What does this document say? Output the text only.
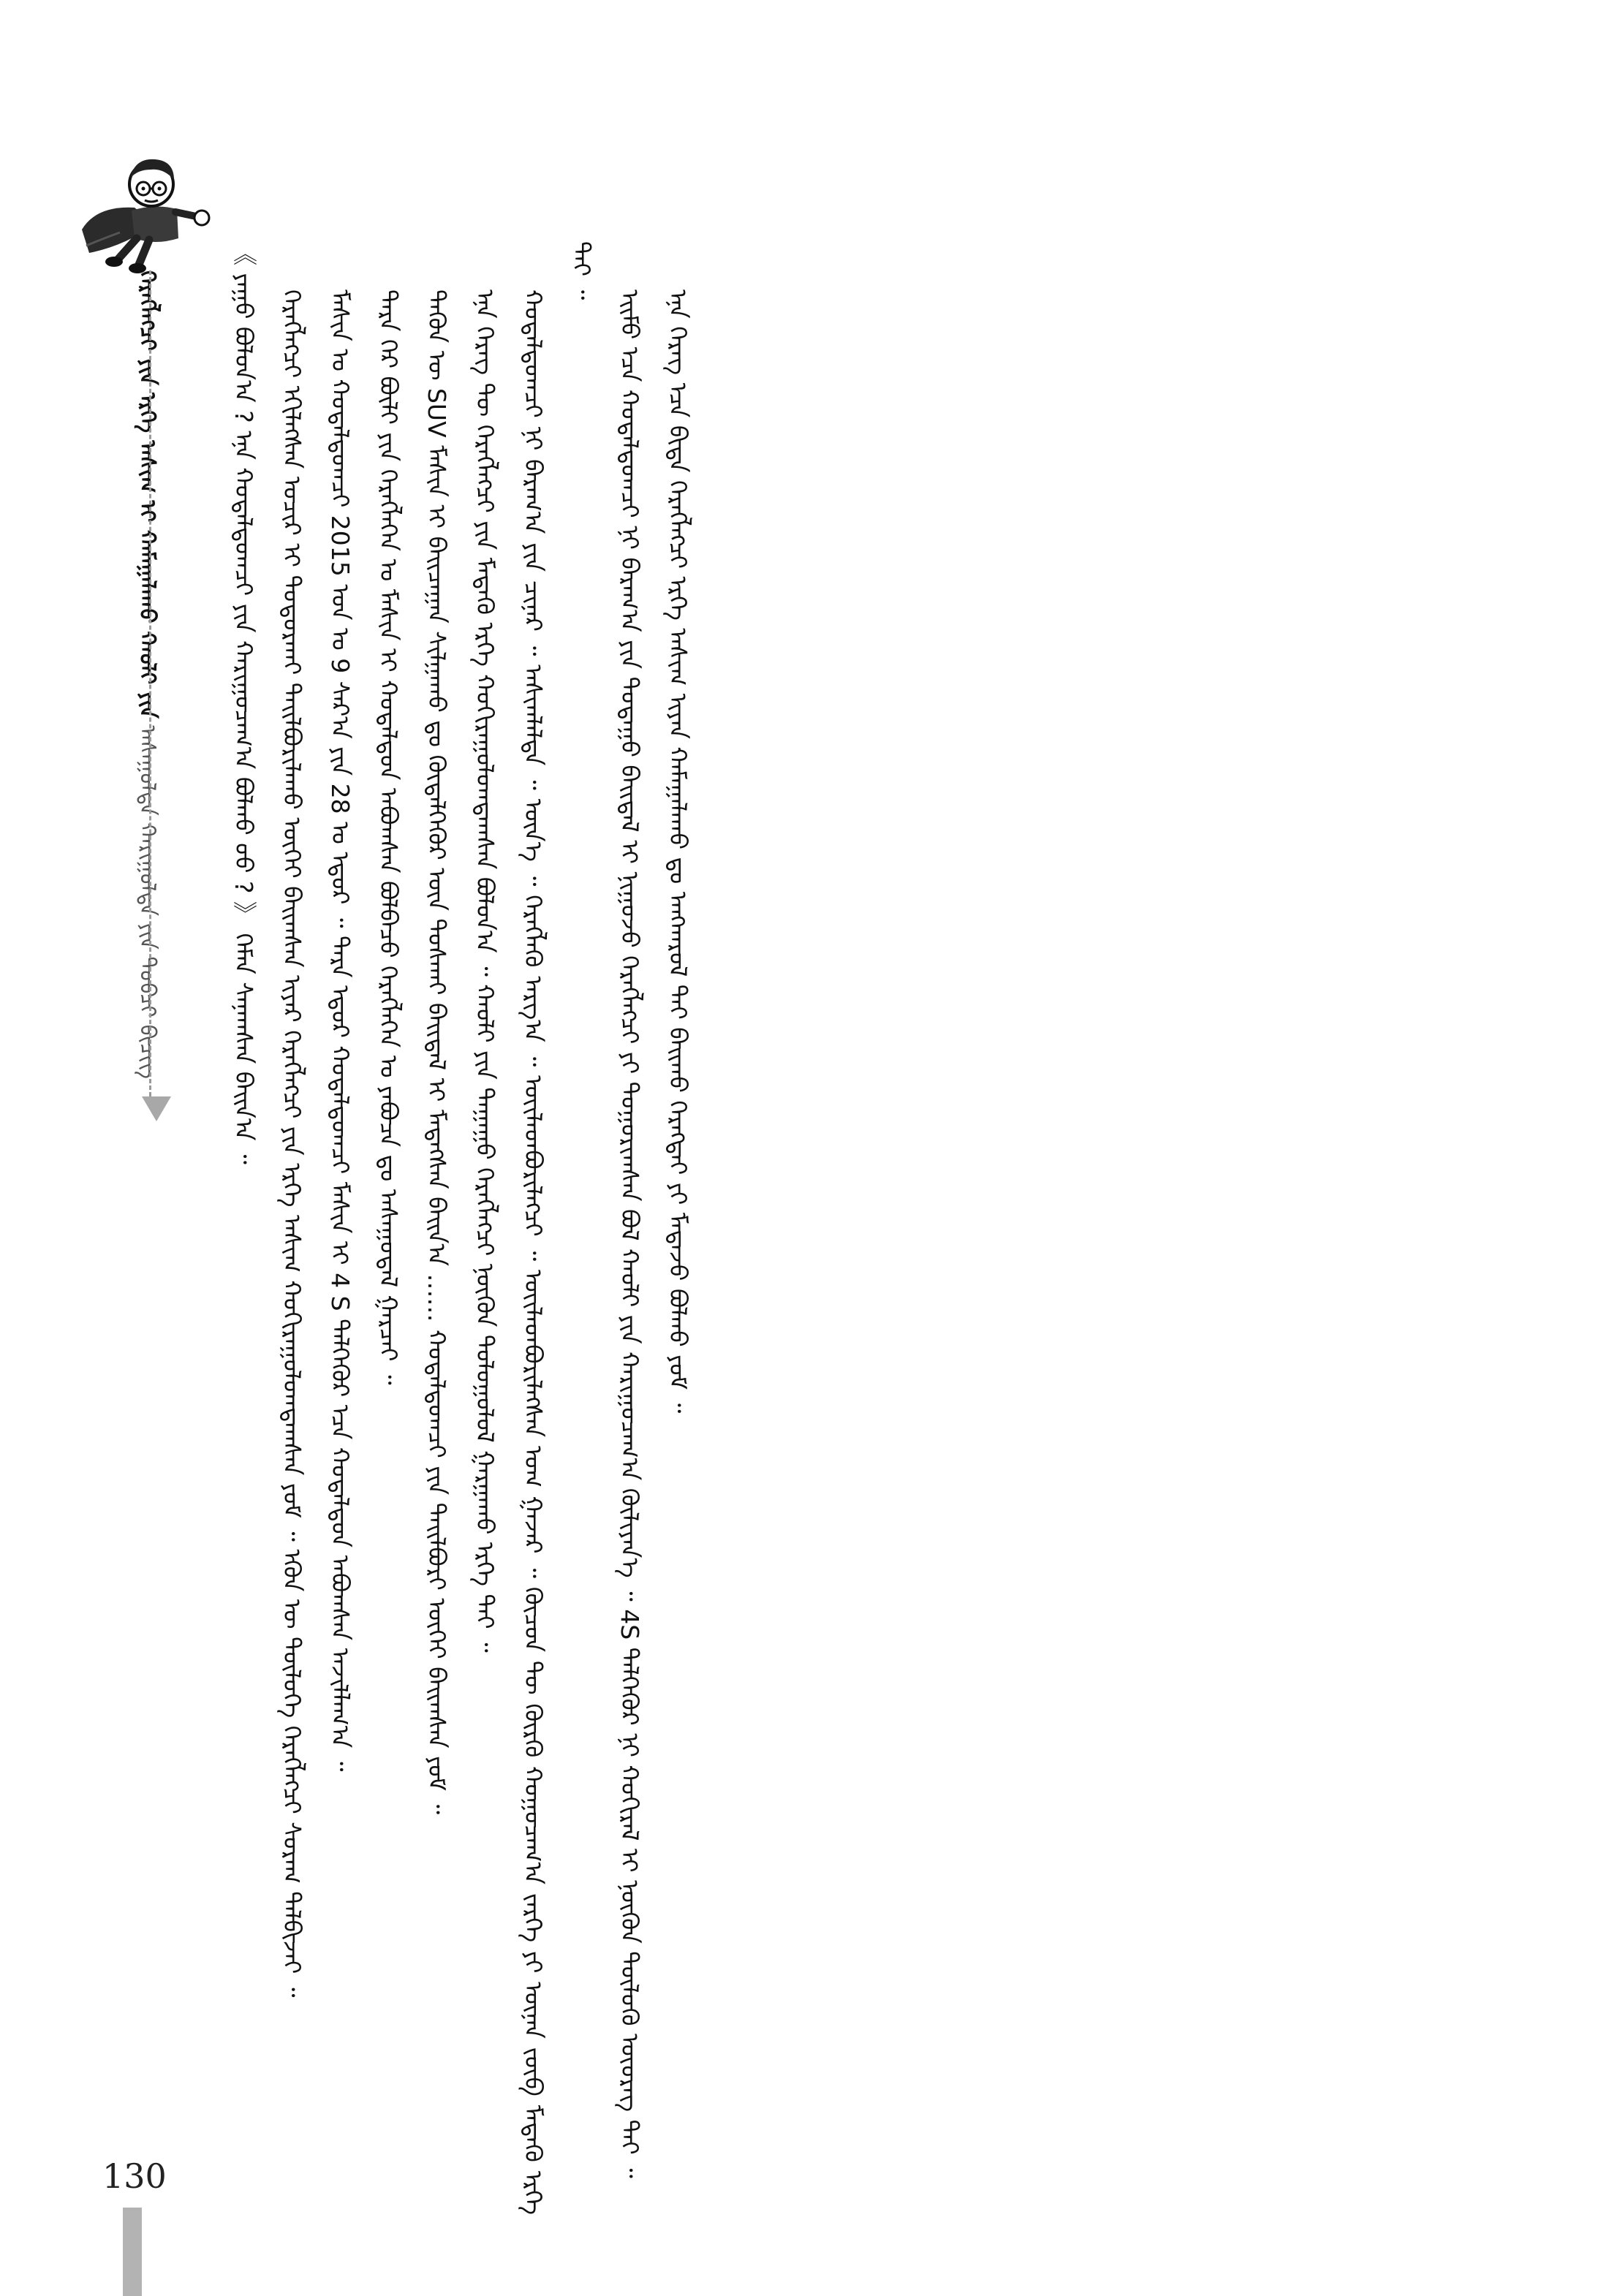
ᠬᠡᠷᠡᠭᠯᠡᠭᠴᠢ ᠶᠢᠨ ᠡᠷᠬᠡ ᠠᠰᠢᠭ ᠢ ᠬᠠᠮᠠᠭᠠᠯᠠᠬᠤ ᠬᠠᠤᠯᠢ ᠶᠢᠨ ᠠᠰᠠᠭᠤᠯᠲᠠ ᠬᠠᠷᠢᠭᠤᠯᠲᠠ ᠶᠢᠨ ᠲᠣᠪᠴᠢ ᠪᠢᠴᠢᠭ	《 ᠶᠠᠭᠤ ᠪᠣᠯᠤᠨ᠎ᠠ ? ᠡᠨᠡ ᠬᠣᠳᠠᠯᠳᠤᠭᠴᠢ ᠶᠢᠨ ᠬᠠᠷᠢᠭᠤᠴᠠᠭ᠎ᠠ ᠪᠣᠯᠬᠤ ᠤᠤ ? 》 ᠬᠡᠮᠡᠨ ᠰᠠᠨᠠᠭᠰᠠᠨ ᠪᠠᠢᠨ᠎ᠠ ᠃ ᠬᠡᠷᠡᠭᠯᠡᠭᠴᠢ ᠡᠬᠢᠯᠡᠭᠰᠡᠨ ᠤᠴᠢᠷ ᠢ ᠲᠣᠳᠤᠷᠬᠠᠢ ᠲᠠᠢᠯᠪᠤᠷᠢᠯᠠᠬᠤ ᠦᠭᠡᠢ ᠪᠠᠢᠭᠰᠠᠨ ᠢᠶᠠᠷ ᠬᠡᠷᠡᠭᠯᠡᠭᠴᠢ ᠶᠢᠨ ᠡᠷᠬᠡ ᠠᠰᠢᠭ ᠬᠣᠬᠢᠷᠠᠭᠤᠯᠤᠭᠳᠠᠭᠰᠠᠨ ᠶᠤᠮ ᠃ ᠡᠭᠦᠨ ᠦ ᠲᠥᠯᠦᠭᠡ ᠬᠡᠷᠡᠭᠯᠡᠭᠴᠢ ᠰᠤᠷᠠᠭ ᠲᠠᠯᠪᠢᠵᠠᠢ ᠃ ᠮᠠᠰᠢᠨ ᠤ ᠬᠣᠳᠠᠯᠳᠤᠭᠴᠢ 2015 ᠣᠨ ᠤ 9 ᠰᠠᠷ᠎ᠠ ᠶᠢᠨ 28 ᠤ ᠡᠳᠦᠷ ᠃ ᠲᠡᠷᠡ ᠡᠳᠦᠷ ᠬᠣᠳᠠᠯᠳᠤᠭᠴᠢ ᠮᠠᠰᠢᠨ ᠢ 4 S ᠳᠡᠯᠭᠡᠭᠦᠷ ᠡᠴᠡ ᠬᠤᠳᠠᠯᠳᠤᠨ ᠠᠪᠤᠭᠰᠠᠨ ᠠᠵᠢᠯᠯᠠᠭ᠎ᠠ ᠃ ᠲᠡᠷᠡ ᠭᠡᠷ ᠪᠦᠯᠢ ᠶᠢᠨ ᠬᠡᠷᠡᠭᠯᠡᠭᠡᠨ ᠤ ᠮᠠᠰᠢᠨ ᠢ ᠬᠤᠳᠠᠯᠳᠤᠨ ᠠᠪᠤᠭᠰᠠᠨ ᠪᠣᠯᠪᠠᠴᠤ ᠬᠡᠷᠡᠭᠯᠡᠭᠡᠨ ᠤ ᠶᠠᠪᠤᠴᠠ ᠳᠤ ᠠᠰᠠᠭᠤᠳᠠᠯ ᠭᠠᠷᠴᠠᠢ ᠃ ᠲᠡᠭᠦᠨ ᠦ SUV ᠮᠠᠰᠢᠨ ᠢ ᠪᠠᠢᠴᠠᠭᠠᠨ ᠰᠢᠯᠭᠠᠬᠤ ᠳᠤ ᠬᠥᠳᠡᠯᠭᠡᠭᠦᠷ ᠦᠨ ᠲᠤᠰᠬᠠᠢ ᠪᠠᠢᠳᠠᠯ ᠢ ᠮᠡᠳᠡᠭᠰᠡᠨ ᠪᠠᠢᠨ᠎ᠠ …… ᠬᠣᠳᠠᠯᠳᠤᠭᠴᠢ ᠶᠢᠨ ᠲᠠᠢᠯᠪᠤᠷᠢ ᠦᠭᠡᠢ ᠪᠠᠢᠭᠰᠠᠨ ᠶᠤᠮ ᠃ ᠡᠨᠡ ᠬᠡᠷᠡᠭ ᠲᠦ ᠬᠡᠷᠡᠭᠯᠡᠭᠴᠢ ᠶᠢᠨ ᠮᠡᠳᠡᠬᠦ ᠡᠷᠬᠡ ᠬᠣᠬᠢᠷᠠᠭᠤᠯᠤᠭᠳᠠᠭᠰᠠᠨ ᠪᠣᠯᠤᠨ᠎ᠠ ᠃ ᠬᠠᠤᠯᠢ ᠶᠢᠨ ᠳᠠᠭᠠᠭᠤ ᠬᠡᠷᠡᠭᠯᠡᠭᠴᠢ ᠨᠥᠬᠥᠨ ᠲᠣᠯᠤᠭᠤᠯᠤᠯ ᠭᠠᠷᠭᠠᠬᠤ ᠡᠷᠬᠡ ᠲᠠᠢ ᠃ ᠬᠤᠳᠠᠯᠳᠤᠭᠴᠢ ᠨᠢ ᠪᠠᠷᠠᠭ᠎ᠠ ᠶᠢᠨ ᠴᠢᠨᠠᠷ ᠃ ᠠᠰᠢᠭᠯᠠᠯᠲᠠ ᠃ ᠦᠨ᠎ᠡ ᠃ ᠬᠡᠷᠡᠭᠯᠡᠬᠦ ᠠᠷᠭ᠎ᠠ ᠃ ᠦᠢᠯᠡᠳᠪᠦᠷᠢᠯᠡᠭᠴᠢ ᠃ ᠦᠢᠯᠡᠳᠪᠦᠷᠢᠯᠡᠭᠰᠡᠨ ᠤᠭ ᠭᠠᠵᠠᠷ ᠃ ᠬᠦᠴᠦᠨ ᠲᠦ ᠬᠦᠷᠬᠦ ᠬᠤᠭᠤᠴᠠᠭ᠎ᠠ ᠵᠡᠷᠭᠡ ᠶᠢ ᠦᠨᠡᠨ ᠵᠥᠪ ᠮᠡᠳᠡᠬᠦ ᠡᠷᠬᠡ ᠲᠠᠢ ᠃

ᠡᠢᠮᠦ ᠡᠴᠡ ᠬᠣᠳᠠᠯᠳᠤᠭᠴᠢ ᠨᠢ ᠪᠠᠷᠠᠭ᠎ᠠ ᠶᠢᠨ ᠳᠤᠳᠠᠭᠤ ᠪᠠᠢᠳᠠᠯ ᠢ ᠨᠢᠭᠤᠵᠤ ᠬᠡᠷᠡᠭᠯᠡᠭᠴᠢ ᠶᠢ ᠲᠣᠭᠣᠷᠢᠭᠰᠠᠨ ᠪᠣᠯ ᠬᠠᠤᠯᠢ ᠶᠢᠨ ᠬᠠᠷᠢᠭᠤᠴᠠᠭ᠎ᠠ ᠬᠦᠯᠢᠶᠡᠨ᠎ᠡ ᠃ 4S ᠳᠡᠯᠭᠡᠭᠦᠷ ᠨᠢ ᠬᠣᠬᠢᠷᠠᠯ ᠢ ᠨᠥᠬᠥᠨ ᠲᠥᠯᠥᠬᠦ ᠦᠦᠷᠡᠭ ᠲᠡᠢ ᠃ ᠡᠨᠡ ᠬᠡᠷᠡᠭ ᠡᠴᠡ ᠪᠢᠳᠡ ᠬᠡᠷᠡᠭᠯᠡᠭᠴᠢ ᠡᠷᠬᠡ ᠠᠰᠢᠭ ᠢᠶᠠᠨ ᠬᠠᠮᠠᠭᠠᠯᠠᠬᠤ ᠳᠤ ᠠᠩᠬᠠᠷᠤᠯ ᠲᠠᠢ ᠪᠠᠢᠬᠤ ᠬᠡᠷᠡᠭᠲᠡᠢ ᠶᠢ ᠮᠡᠳᠡᠵᠦ ᠪᠣᠯᠬᠤ ᠶᠤᠮ ᠃

130
